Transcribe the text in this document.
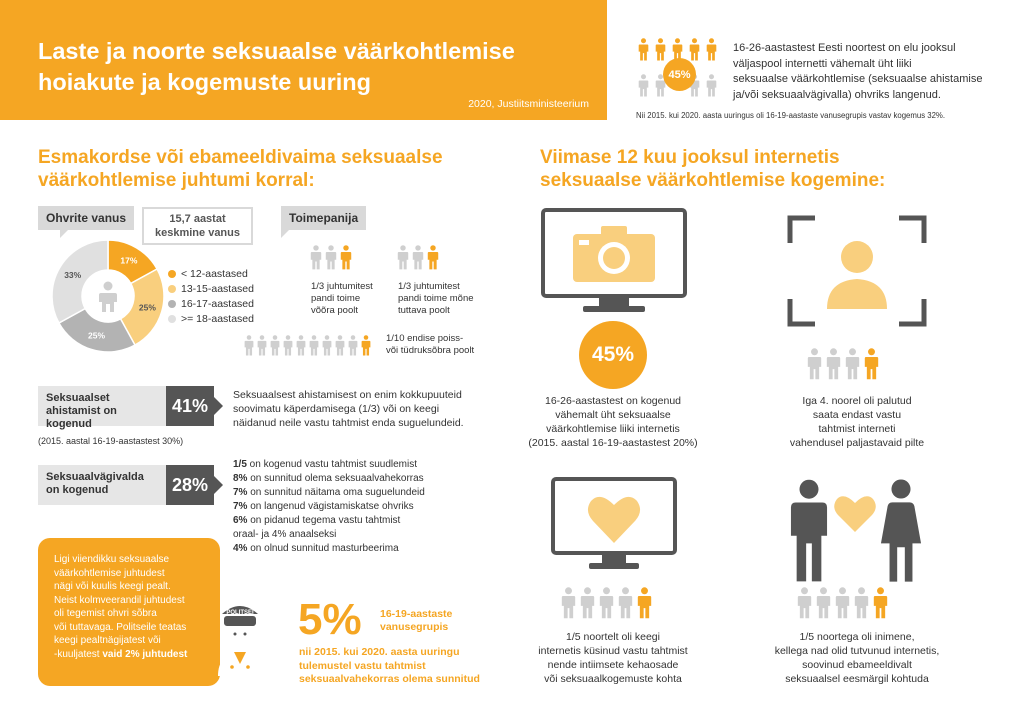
Laste ja noorte seksuaalse väärkohtlemise
hoiakute ja kogemuste uuring
2020, Justiitsministeerium
45%
16-26-aastastest Eesti noortest on elu jooksul
väljaspool internetti vähemalt üht liiki
seksuaalse väärkohtlemise (seksuaalse ahistamise
ja/või seksuaalvägivalla) ohvriks langenud.
Nii 2015. kui 2020. aasta uuringus oli 16-19-aastaste vanusegrupis vastav kogemus 32%.
Esmakordse või ebameeldivaima seksuaalse
väärkohtlemise juhtumi korral:
Ohvrite vanus	15,7 aastat
keskmine vanus
17%
25%
25%
33%	< 12-aastased
13-15-aastased
16-17-aastased
>= 18-aastased
Toimepanija
1/3 juhtumitest
pandi toime
võõra poolt
1/3 juhtumitest
pandi toime mõne
tuttava poolt
1/10 endise poiss-
või tüdruksõbra poolt
Seksuaalset
ahistamist on kogenud
41%
Seksuaalsest ahistamisest on enim kokkupuuteid
soovimatu käperdamisega (1/3) või on keegi
näidanud neile vastu tahtmist enda suguelundeid.
(2015. aastal 16-19-aastastest 30%)
Seksuaalvägivalda
on kogenud	28%
1/5 on kogenud vastu tahtmist suudlemist
8% on sunnitud olema seksuaalvahekorras
7% on sunnitud näitama oma suguelundeid
7% on langenud vägistamiskatse ohvriks
6% on pidanud tegema vastu tahtmist
oraal- ja 4% anaalseksi
4% on olnud sunnitud masturbeerima

Ligi viiendikku seksuaalse
väärkohtlemise juhtudest
nägi või kuulis keegi pealt.
Neist kolmveerandil juhtudest
oli tegemist ohvri sõbra
või tuttavaga. Politseile teatas
keegi pealtnägijatest või
-kuuljatest vaid 2% juhtudest

POLITSEI 5% 16-19-aastaste
vanusegrupis
nii 2015. kui 2020. aasta uuringu
tulemustel vastu tahtmist
seksuaalvahekorras olema sunnitud
Viimase 12 kuu jooksul internetis
seksuaalse väärkohtlemise kogemine:
45%
16-26-aastastest on kogenud
vähemalt üht seksuaalse
väärkohtlemise liiki internetis
(2015. aastal 16-19-aastastest 20%)
Iga 4. noorel oli palutud
saata endast vastu
tahtmist interneti
vahendusel paljastavaid pilte
1/5 noortelt oli keegi
internetis küsinud vastu tahtmist
nende intiimsete kehaosade
või seksuaalkogemuste kohta
1/5 noortega oli inimene,
kellega nad olid tutvunud internetis,
soovinud ebameeldivalt
seksuaalsel eesmärgil kohtuda
